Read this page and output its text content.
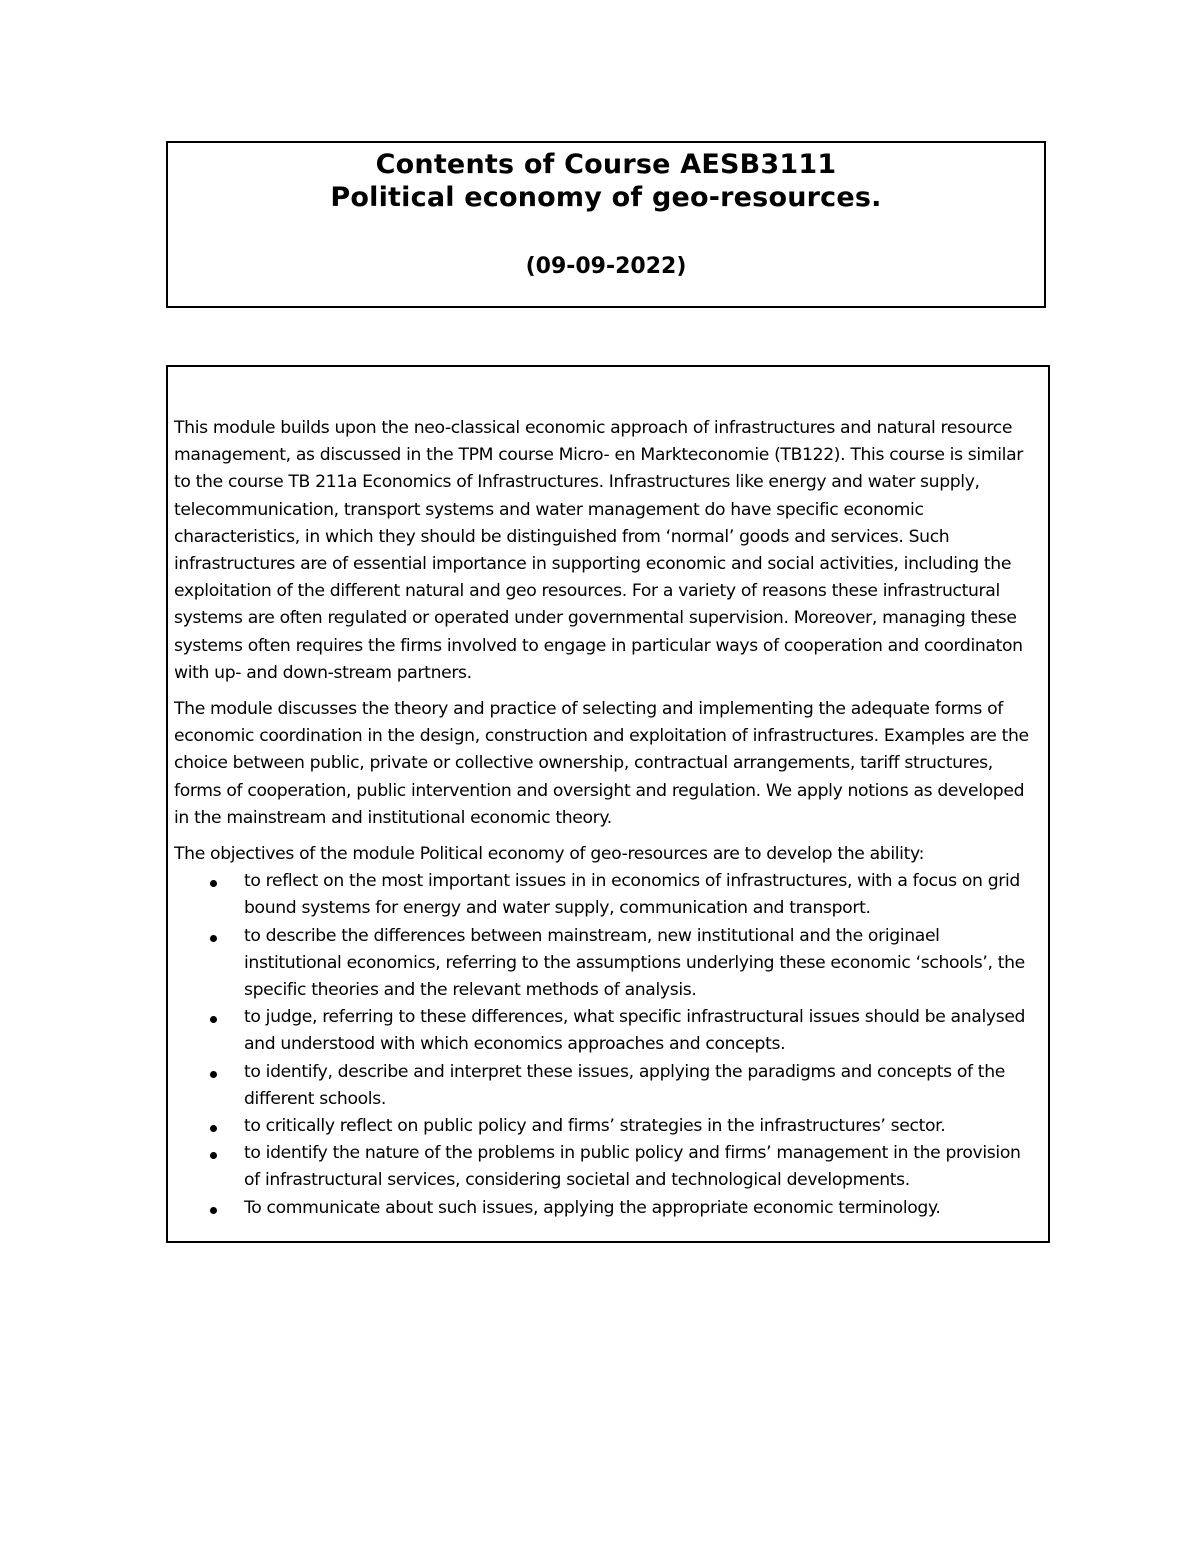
Contents of Course AESB3111
Political economy of geo-resources.
(09-09-2022)

This module builds upon the neo-classical economic approach of infrastructures and natural resource management, as discussed in the TPM course Micro- en Markteconomie (TB122). This course is similar to the course TB 211a Economics of Infrastructures. Infrastructures like energy and water supply, telecommunication, transport systems and water management do have specific economic characteristics, in which they should be distinguished from ‘normal’ goods and services. Such infrastructures are of essential importance in supporting economic and social activities, including the exploitation of the different natural and geo resources. For a variety of reasons these infrastructural systems are often regulated or operated under governmental supervision. Moreover, managing these systems often requires the firms involved to engage in particular ways of cooperation and coordinaton with up- and down-stream partners.

The module discusses the theory and practice of selecting and implementing the adequate forms of economic coordination in the design, construction and exploitation of infrastructures. Examples are the choice between public, private or collective ownership, contractual arrangements, tariff structures, forms of cooperation, public intervention and oversight and regulation. We apply notions as developed in the mainstream and institutional economic theory.

The objectives of the module Political economy of geo-resources are to develop the ability:

to reflect on the most important issues in in economics of infrastructures, with a focus on grid bound systems for energy and water supply, communication and transport.
to describe the differences between mainstream, new institutional and the originael institutional economics, referring to the assumptions underlying these economic ‘schools’, the specific theories and the relevant methods of analysis.
to judge, referring to these differences, what specific infrastructural issues should be analysed and understood with which economics approaches and concepts.
to identify, describe and interpret these issues, applying the paradigms and concepts of the different schools.
to critically reflect on public policy and firms’ strategies in the infrastructures’ sector.
to identify the nature of the problems in public policy and firms’ management in the provision of infrastructural services, considering societal and technological developments.
To communicate about such issues, applying the appropriate economic terminology.
